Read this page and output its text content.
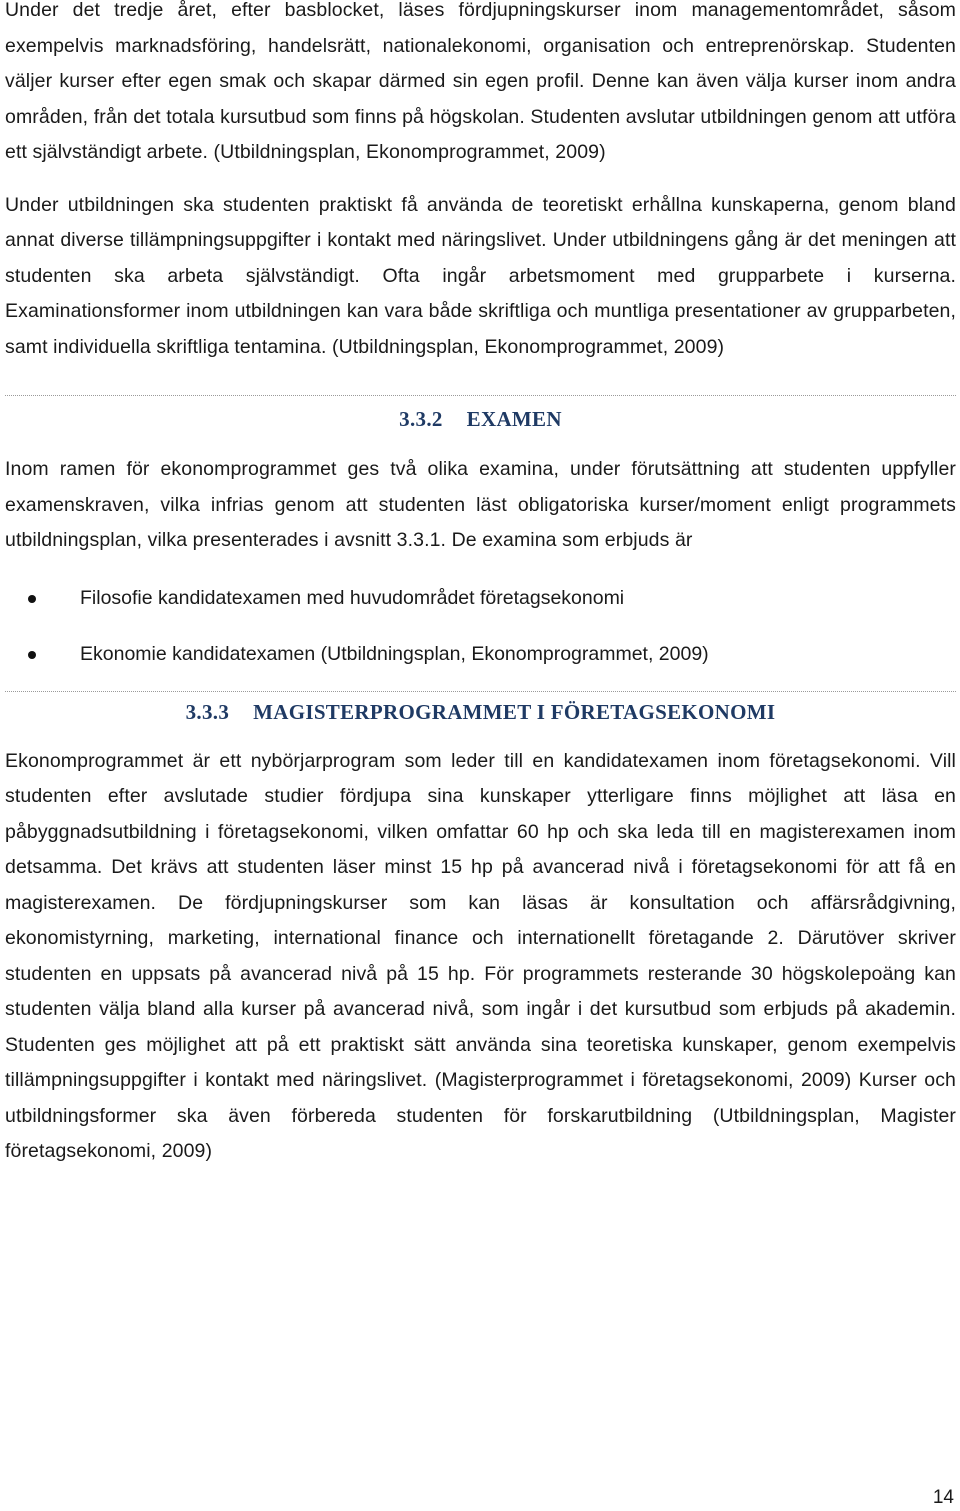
Under det tredje året, efter basblocket, läses fördjupningskurser inom managementområdet, såsom exempelvis marknadsföring, handelsrätt, nationalekonomi, organisation och entreprenörskap. Studenten väljer kurser efter egen smak och skapar därmed sin egen profil. Denne kan även välja kurser inom andra områden, från det totala kursutbud som finns på högskolan. Studenten avslutar utbildningen genom att utföra ett självständigt arbete. (Utbildningsplan, Ekonomprogrammet, 2009)

Under utbildningen ska studenten praktiskt få använda de teoretiskt erhållna kunskaperna, genom bland annat diverse tillämpningsuppgifter i kontakt med näringslivet. Under utbildningens gång är det meningen att studenten ska arbeta självständigt. Ofta ingår arbetsmoment med grupparbete i kurserna. Examinationsformer inom utbildningen kan vara både skriftliga och muntliga presentationer av grupparbeten, samt individuella skriftliga tentamina. (Utbildningsplan, Ekonomprogrammet, 2009)

3.3.2 EXAMEN

Inom ramen för ekonomprogrammet ges två olika examina, under förutsättning att studenten uppfyller examenskraven, vilka infrias genom att studenten läst obligatoriska kurser/moment enligt programmets utbildningsplan, vilka presenterades i avsnitt 3.3.1. De examina som erbjuds är

Filosofie kandidatexamen med huvudområdet företagsekonomi
Ekonomie kandidatexamen (Utbildningsplan, Ekonomprogrammet, 2009)
3.3.3 MAGISTERPROGRAMMET I FÖRETAGSEKONOMI

Ekonomprogrammet är ett nybörjarprogram som leder till en kandidatexamen inom företagsekonomi. Vill studenten efter avslutade studier fördjupa sina kunskaper ytterligare finns möjlighet att läsa en påbyggnadsutbildning i företagsekonomi, vilken omfattar 60 hp och ska leda till en magisterexamen inom detsamma. Det krävs att studenten läser minst 15 hp på avancerad nivå i företagsekonomi för att få en magisterexamen. De fördjupningskurser som kan läsas är konsultation och affärsrådgivning, ekonomistyrning, marketing, international finance och internationellt företagande 2. Därutöver skriver studenten en uppsats på avancerad nivå på 15 hp. För programmets resterande 30 högskolepoäng kan studenten välja bland alla kurser på avancerad nivå, som ingår i det kursutbud som erbjuds på akademin. Studenten ges möjlighet att på ett praktiskt sätt använda sina teoretiska kunskaper, genom exempelvis tillämpningsuppgifter i kontakt med näringslivet. (Magisterprogrammet i företagsekonomi, 2009) Kurser och utbildningsformer ska även förbereda studenten för forskarutbildning (Utbildningsplan, Magister företagsekonomi, 2009)

14
